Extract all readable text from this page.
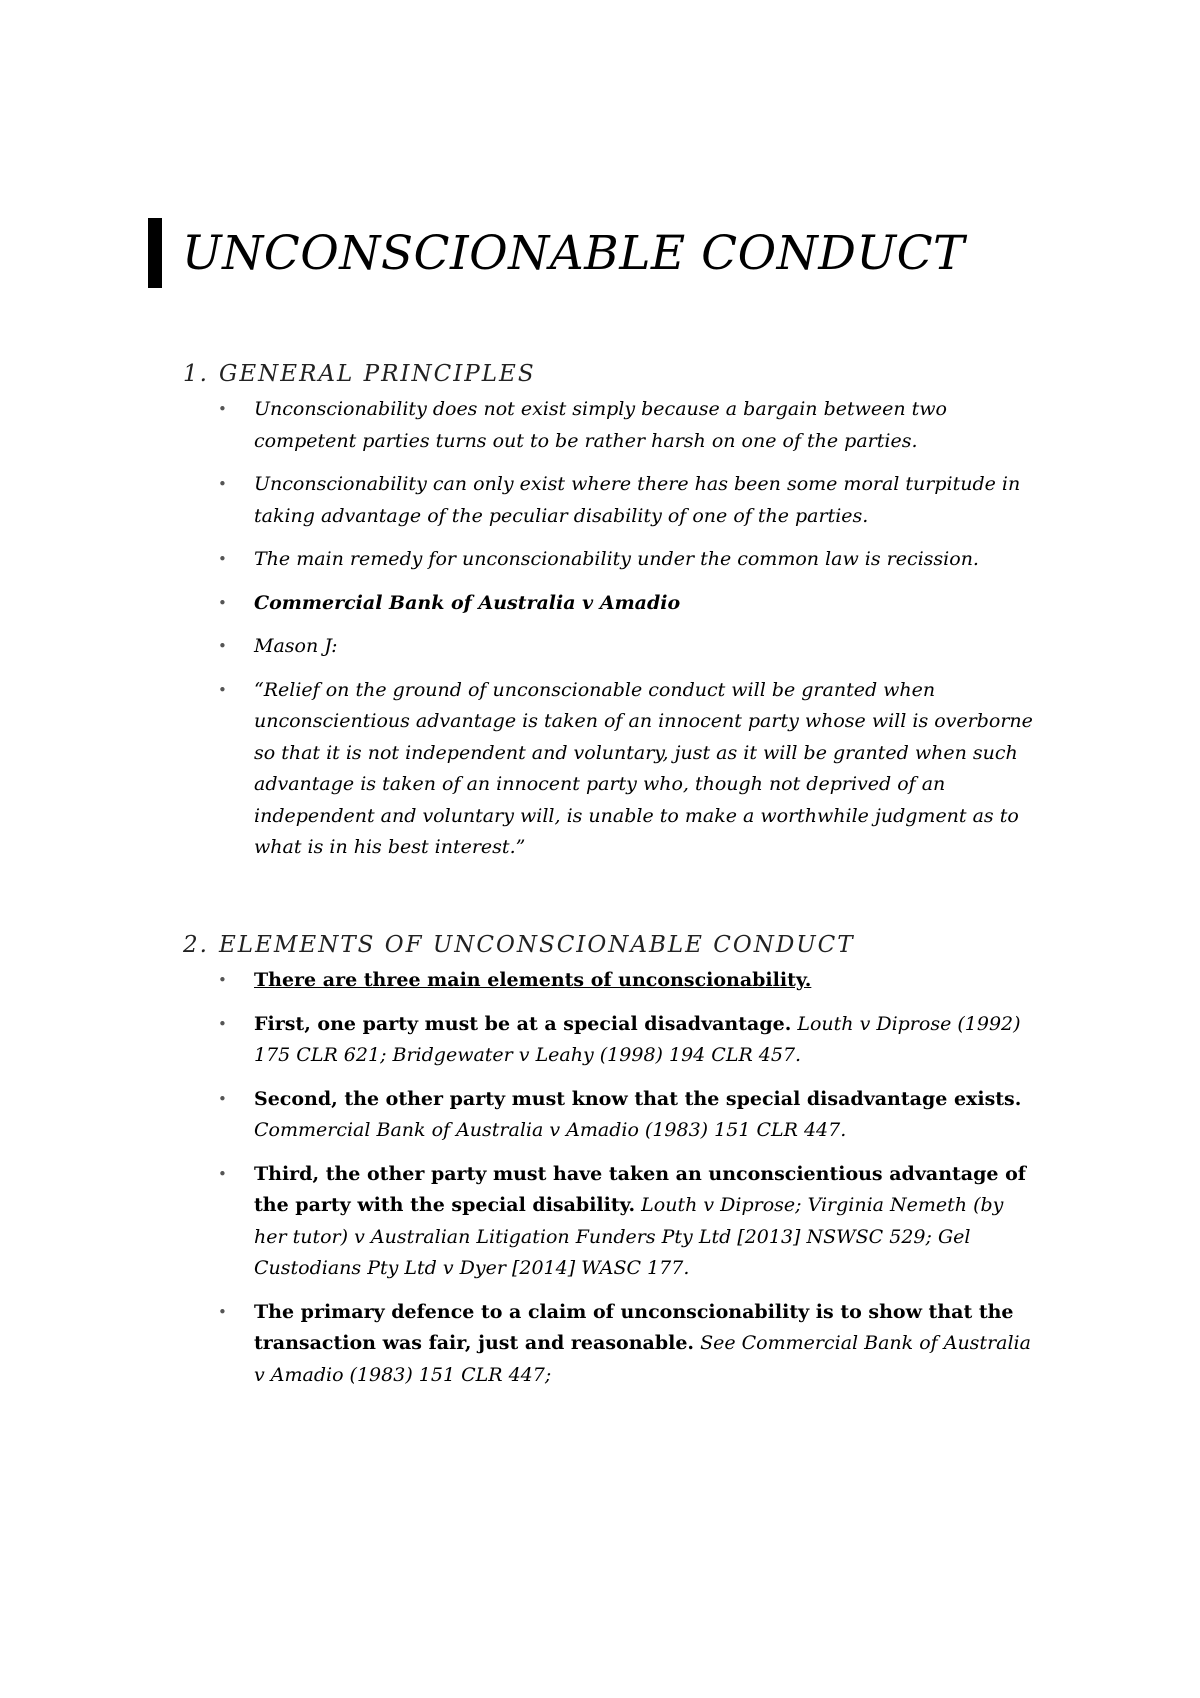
UNCONSCIONABLE CONDUCT
1. GENERAL PRINCIPLES
• Unconscionability does not exist simply because a bargain between two competent parties turns out to be rather harsh on one of the parties.
• Unconscionability can only exist where there has been some moral turpitude in taking advantage of the peculiar disability of one of the parties.
• The main remedy for unconscionability under the common law is recission.
• Commercial Bank of Australia v Amadio
• Mason J:
• “Relief on the ground of unconscionable conduct will be granted when unconscientious advantage is taken of an innocent party whose will is overborne so that it is not independent and voluntary, just as it will be granted when such advantage is taken of an innocent party who, though not deprived of an independent and voluntary will, is unable to make a worthwhile judgment as to what is in his best interest.”
2. ELEMENTS OF UNCONSCIONABLE CONDUCT
• There are three main elements of unconscionability.
• First, one party must be at a special disadvantage. Louth v Diprose (1992) 175 CLR 621; Bridgewater v Leahy (1998) 194 CLR 457.
• Second, the other party must know that the special disadvantage exists. Commercial Bank of Australia v Amadio (1983) 151 CLR 447.
• Third, the other party must have taken an unconscientious advantage of the party with the special disability. Louth v Diprose; Virginia Nemeth (by her tutor) v Australian Litigation Funders Pty Ltd [2013] NSWSC 529; Gel Custodians Pty Ltd v Dyer [2014] WASC 177.
• The primary defence to a claim of unconscionability is to show that the transaction was fair, just and reasonable. See Commercial Bank of Australia v Amadio (1983) 151 CLR 447;
